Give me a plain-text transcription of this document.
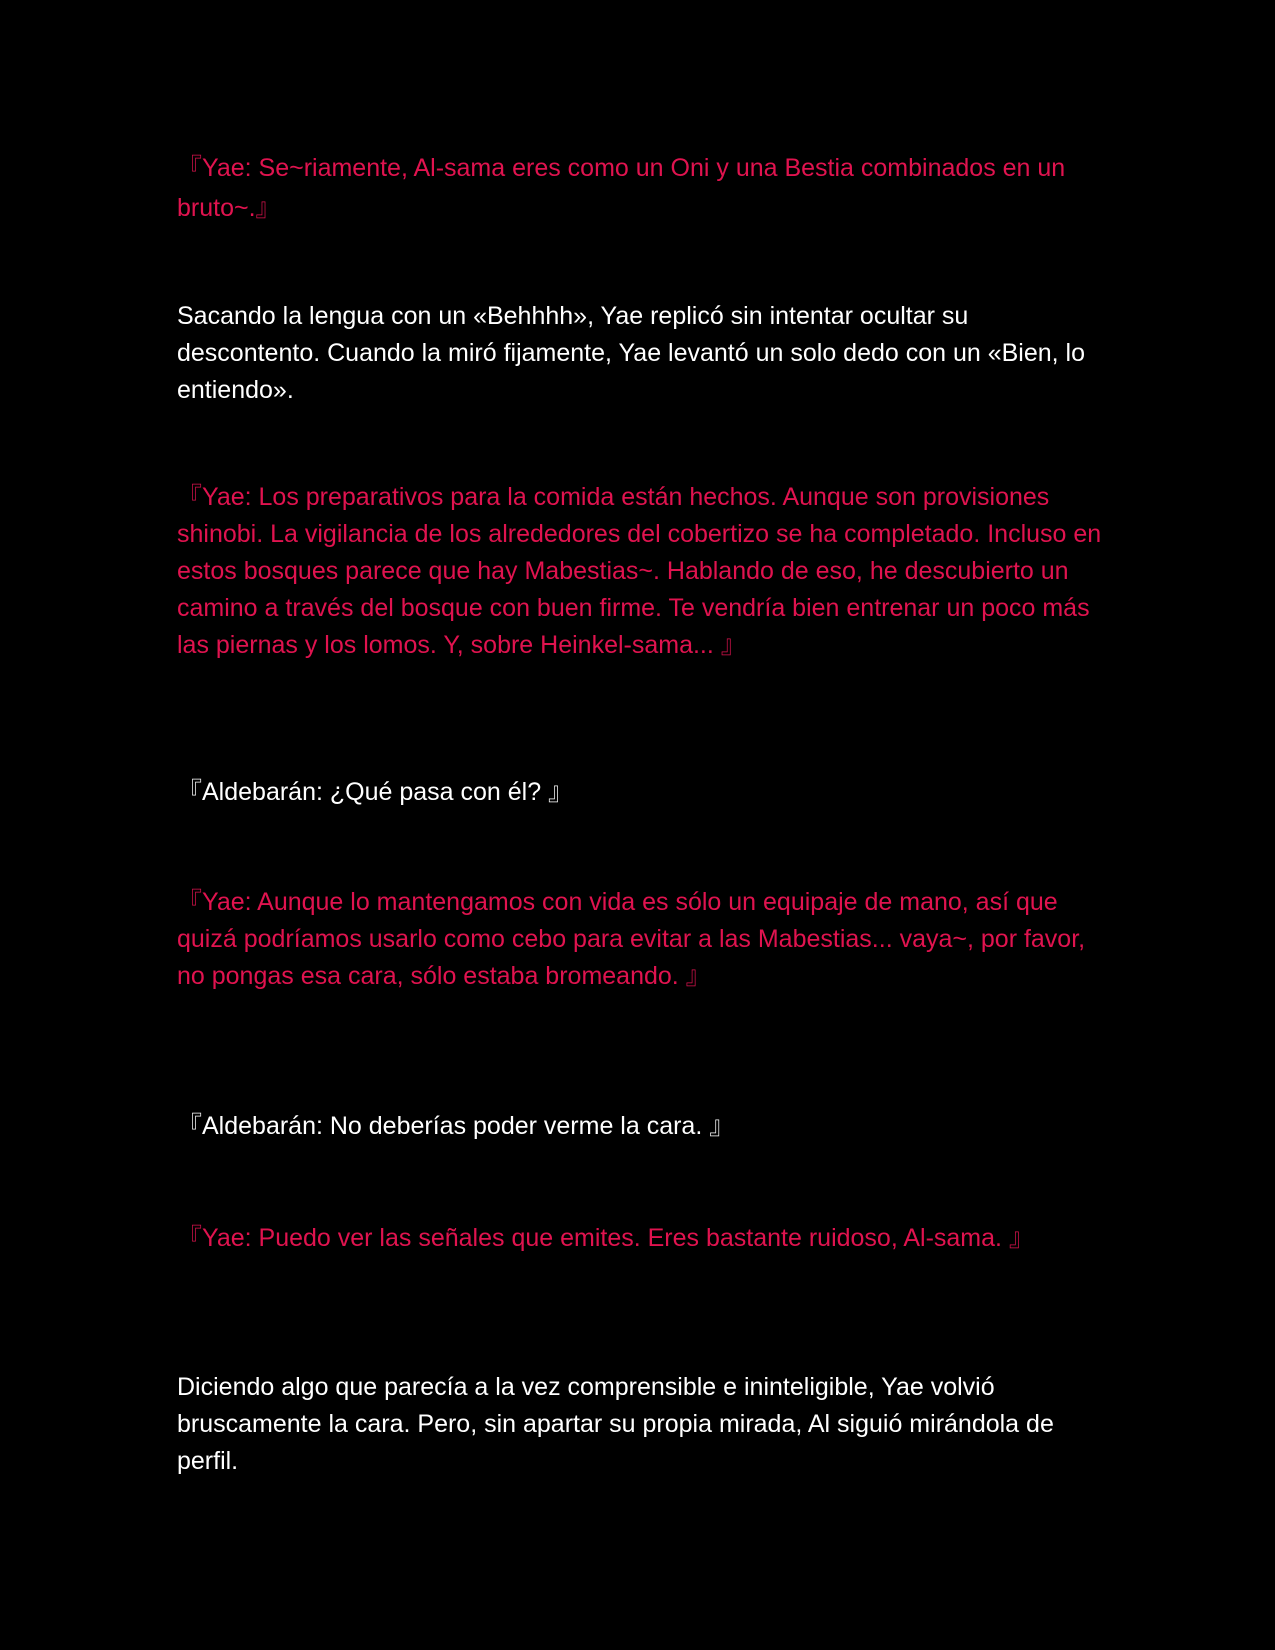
『Yae: Se~riamente, Al-sama eres como un Oni y una Bestia combinados en un bruto~.』

Sacando la lengua con un «Behhhh», Yae replicó sin intentar ocultar su descontento. Cuando la miró fijamente, Yae levantó un solo dedo con un «Bien, lo entiendo».

『Yae: Los preparativos para la comida están hechos. Aunque son provisiones shinobi. La vigilancia de los alrededores del cobertizo se ha completado. Incluso en estos bosques parece que hay Mabestias~. Hablando de eso, he descubierto un camino a través del bosque con buen firme. Te vendría bien entrenar un poco más las piernas y los lomos. Y, sobre Heinkel-sama... 』

『Aldebarán: ¿Qué pasa con él? 』

『Yae: Aunque lo mantengamos con vida es sólo un equipaje de mano, así que quizá podríamos usarlo como cebo para evitar a las Mabestias... vaya~, por favor, no pongas esa cara, sólo estaba bromeando. 』

『Aldebarán: No deberías poder verme la cara. 』

『Yae: Puedo ver las señales que emites. Eres bastante ruidoso, Al-sama. 』

Diciendo algo que parecía a la vez comprensible e ininteligible, Yae volvió bruscamente la cara. Pero, sin apartar su propia mirada, Al siguió mirándola de perfil.
